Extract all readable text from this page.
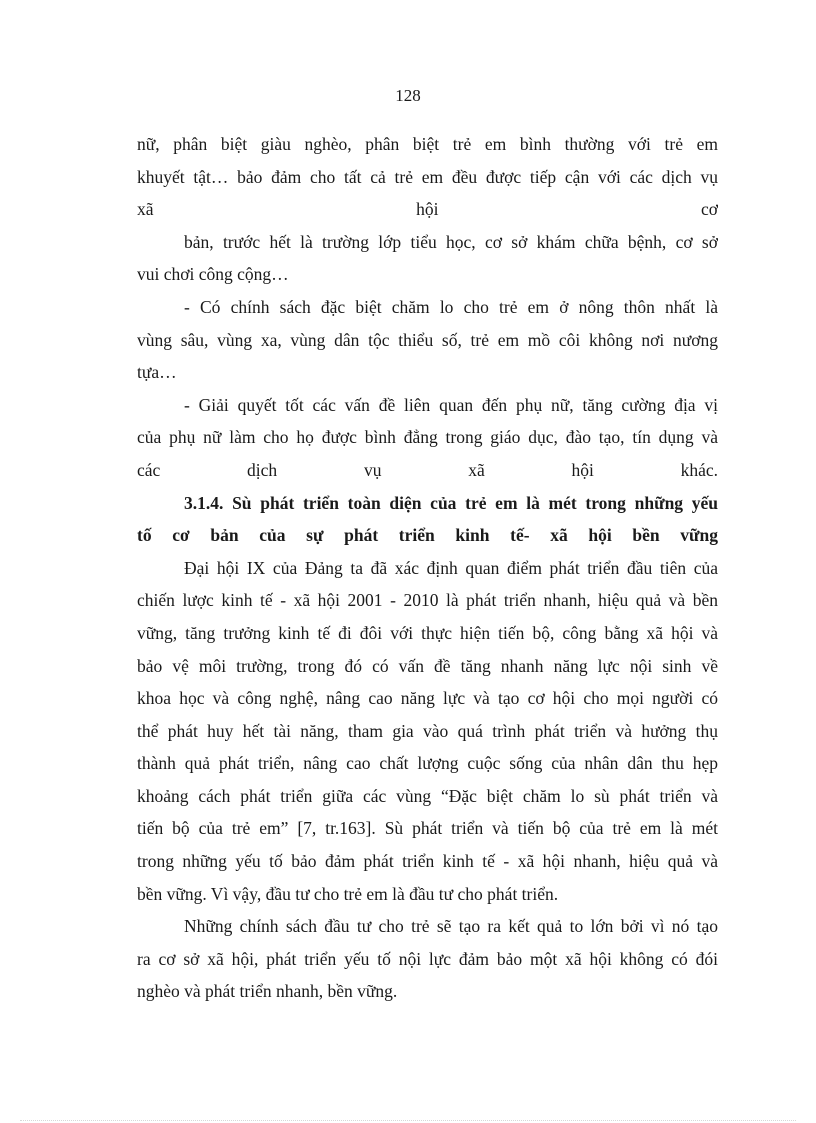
128
nữ, phân biệt giàu nghèo, phân biệt trẻ em bình thường với trẻ em
khuyết tật… bảo đảm cho tất cả trẻ em đều được tiếp cận với các dịch vụ
xã hội cơ
bản, trước hết là trường lớp tiểu học, cơ sở khám chữa bệnh, cơ sở
vui chơi công cộng…
- Có chính sách đặc biệt chăm lo cho trẻ em ở nông thôn nhất là
vùng sâu, vùng xa, vùng dân tộc thiểu số, trẻ em mồ côi không nơi nương
tựa…
- Giải quyết tốt các vấn đề liên quan đến phụ nữ, tăng cường địa vị
của phụ nữ làm cho họ được bình đẳng trong giáo dục, đào tạo, tín dụng và
các dịch vụ xã hội khác.
3.1.4. Sù phát triển toàn diện của trẻ em là mét trong những yếu
tố cơ bản của sự phát triển kinh tế- xã hội bền vững
Đại hội IX của Đảng ta đã xác định quan điểm phát triển đầu tiên của
chiến lược kinh tế - xã hội 2001 - 2010 là phát triển nhanh, hiệu quả và bền
vững, tăng trưởng kinh tế đi đôi với thực hiện tiến bộ, công bằng xã hội và
bảo vệ môi trường, trong đó có vấn đề tăng nhanh năng lực nội sinh về
khoa học và công nghệ, nâng cao năng lực và tạo cơ hội cho mọi người có
thể phát huy hết tài năng, tham gia vào quá trình phát triển và hưởng thụ
thành quả phát triển, nâng cao chất lượng cuộc sống của nhân dân thu hẹp
khoảng cách phát triển giữa các vùng “Đặc biệt chăm lo sù phát triển và
tiến bộ của trẻ em” [7, tr.163]. Sù phát triển và tiến bộ của trẻ em là mét
trong những yếu tố bảo đảm phát triển kinh tế - xã hội nhanh, hiệu quả và
bền vững. Vì vậy, đầu tư cho trẻ em là đầu tư cho phát triển.
Những chính sách đầu tư cho trẻ sẽ tạo ra kết quả to lớn bởi vì nó tạo
ra cơ sở xã hội, phát triển yếu tố nội lực đảm bảo một xã hội không có đói
nghèo và phát triển nhanh, bền vững.
